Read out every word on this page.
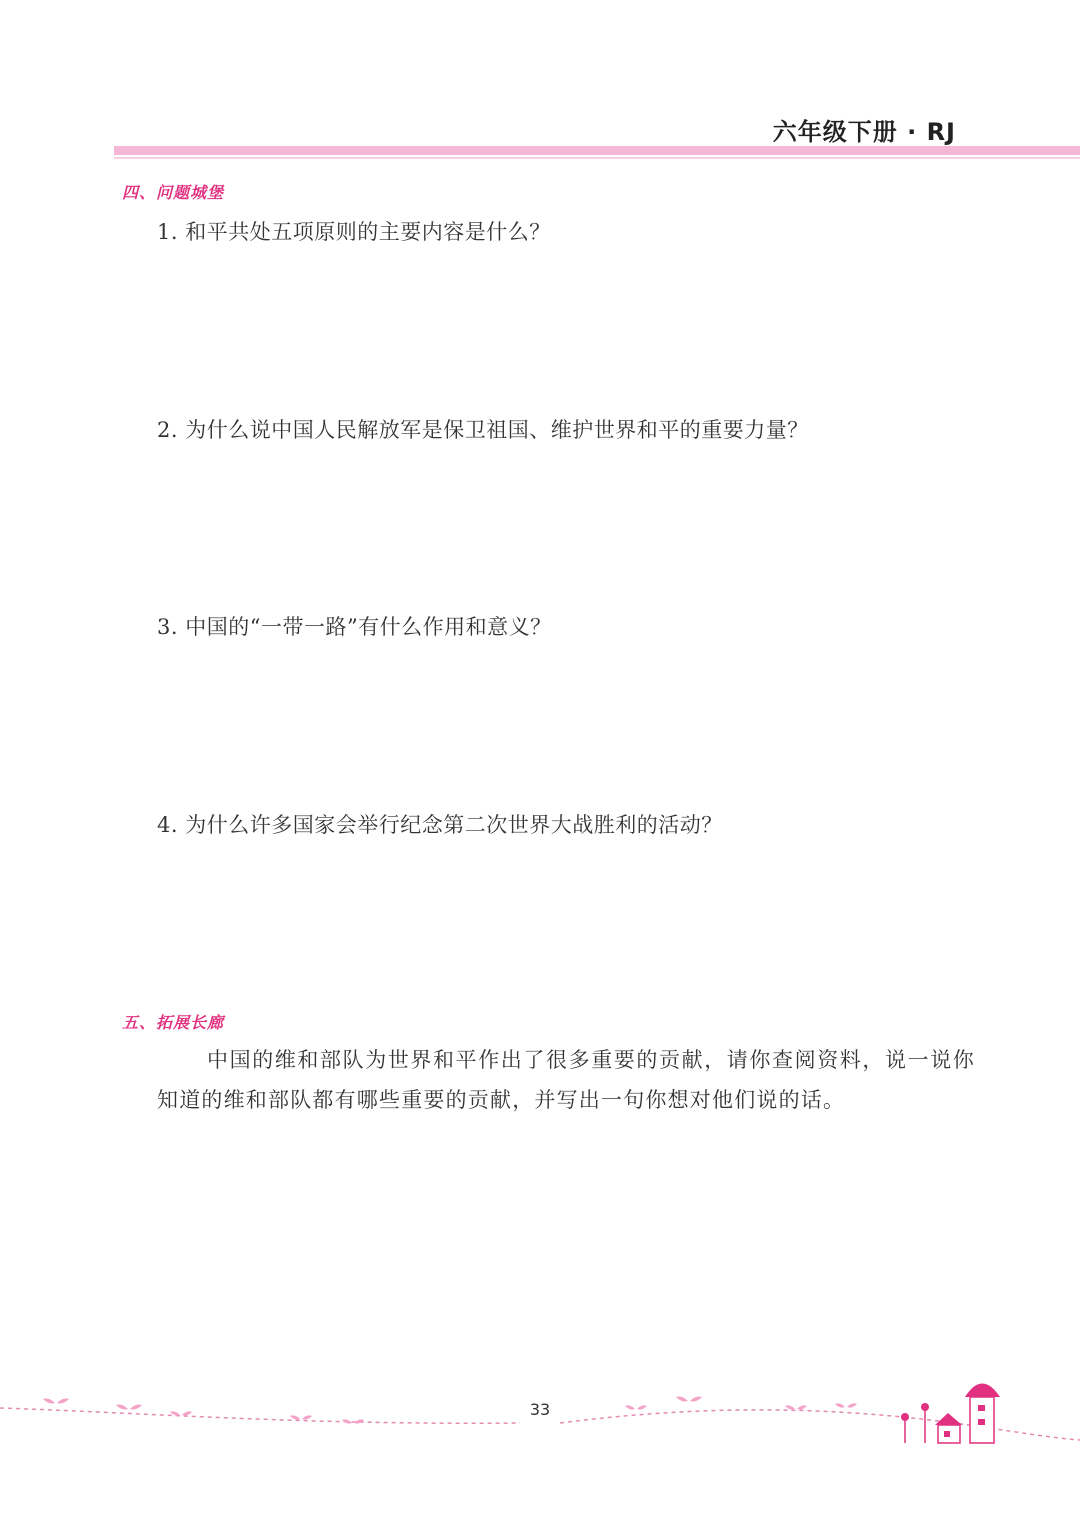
六年级下册 · RJ
四、问题城堡
1. 和平共处五项原则的主要内容是什么？
2. 为什么说中国人民解放军是保卫祖国、维护世界和平的重要力量？
3. 中国的“一带一路”有什么作用和意义？
4. 为什么许多国家会举行纪念第二次世界大战胜利的活动？
五、拓展长廊
中国的维和部队为世界和平作出了很多重要的贡献，请你查阅资料，说一说你知道的维和部队都有哪些重要的贡献，并写出一句你想对他们说的话。
33
